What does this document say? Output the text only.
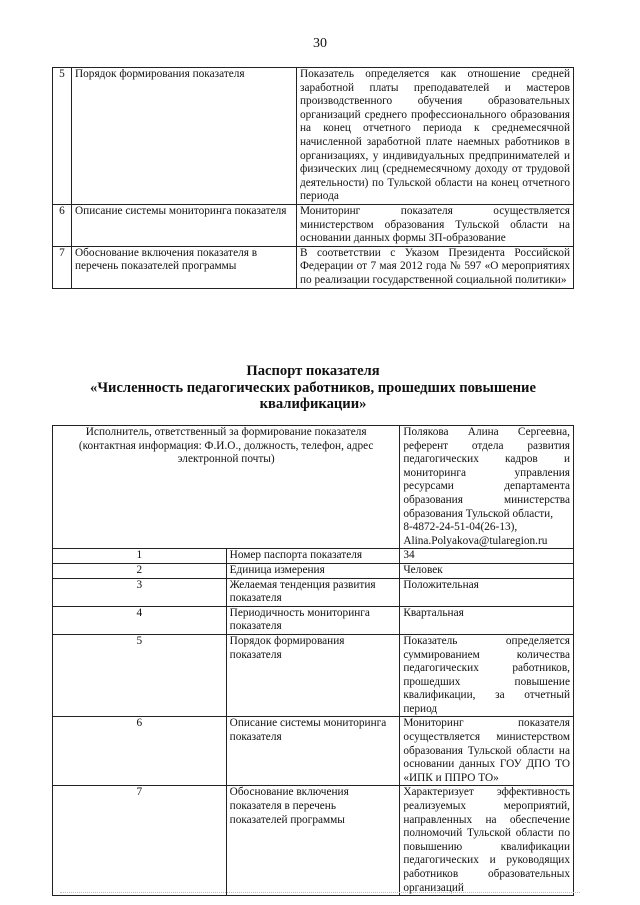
30
5	Порядок формирования показателя	Показатель определяется как отношение средней заработной платы преподавателей и мастеров производственного обучения образовательных организаций среднего профессионального образования на конец отчетного периода к среднемесячной начисленной заработной плате наемных работников в организациях, у индивидуальных предпринимателей и физических лиц (среднемесячному доходу от трудовой деятельности) по Тульской области на конец отчетного периода
6	Описание системы мониторинга показателя	Мониторинг показателя осуществляется министерством образования Тульской области на основании данных формы ЗП-образование
7	Обоснование включения показателя в перечень показателей программы	В соответствии с Указом Президента Российской Федерации от 7 мая 2012 года № 597 «О мероприятиях по реализации государственной социальной политики»
Паспорт показателя
«Численность педагогических работников, прошедших повышение
квалификации»
Исполнитель, ответственный за формирование показателя (контактная информация: Ф.И.О., должность, телефон, адрес электронной почты)		Полякова Алина Сергеевна, референт отдела развития педагогических кадров и мониторинга управления ресурсами департамента образования министерства образования Тульской области,
8-4872-24-51-04(26-13),
Alina.Polyakova@tularegion.ru

1	Номер паспорта показателя	34
2	Единица измерения	Человек
3	Желаемая тенденция развития показателя	Положительная
4	Периодичность мониторинга показателя	Квартальная
5	Порядок формирования показателя	Показатель определяется суммированием количества педагогических работников, прошедших повышение квалификации, за отчетный период
6	Описание системы мониторинга показателя	Мониторинг показателя осуществляется министерством образования Тульской области на основании данных ГОУ ДПО ТО «ИПК и ППРО ТО»
7	Обоснование включения показателя в перечень показателей программы	Характеризует эффективность реализуемых мероприятий, направленных на обеспечение полномочий Тульской области по повышению квалификации педагогических и руководящих работников образовательных организаций
